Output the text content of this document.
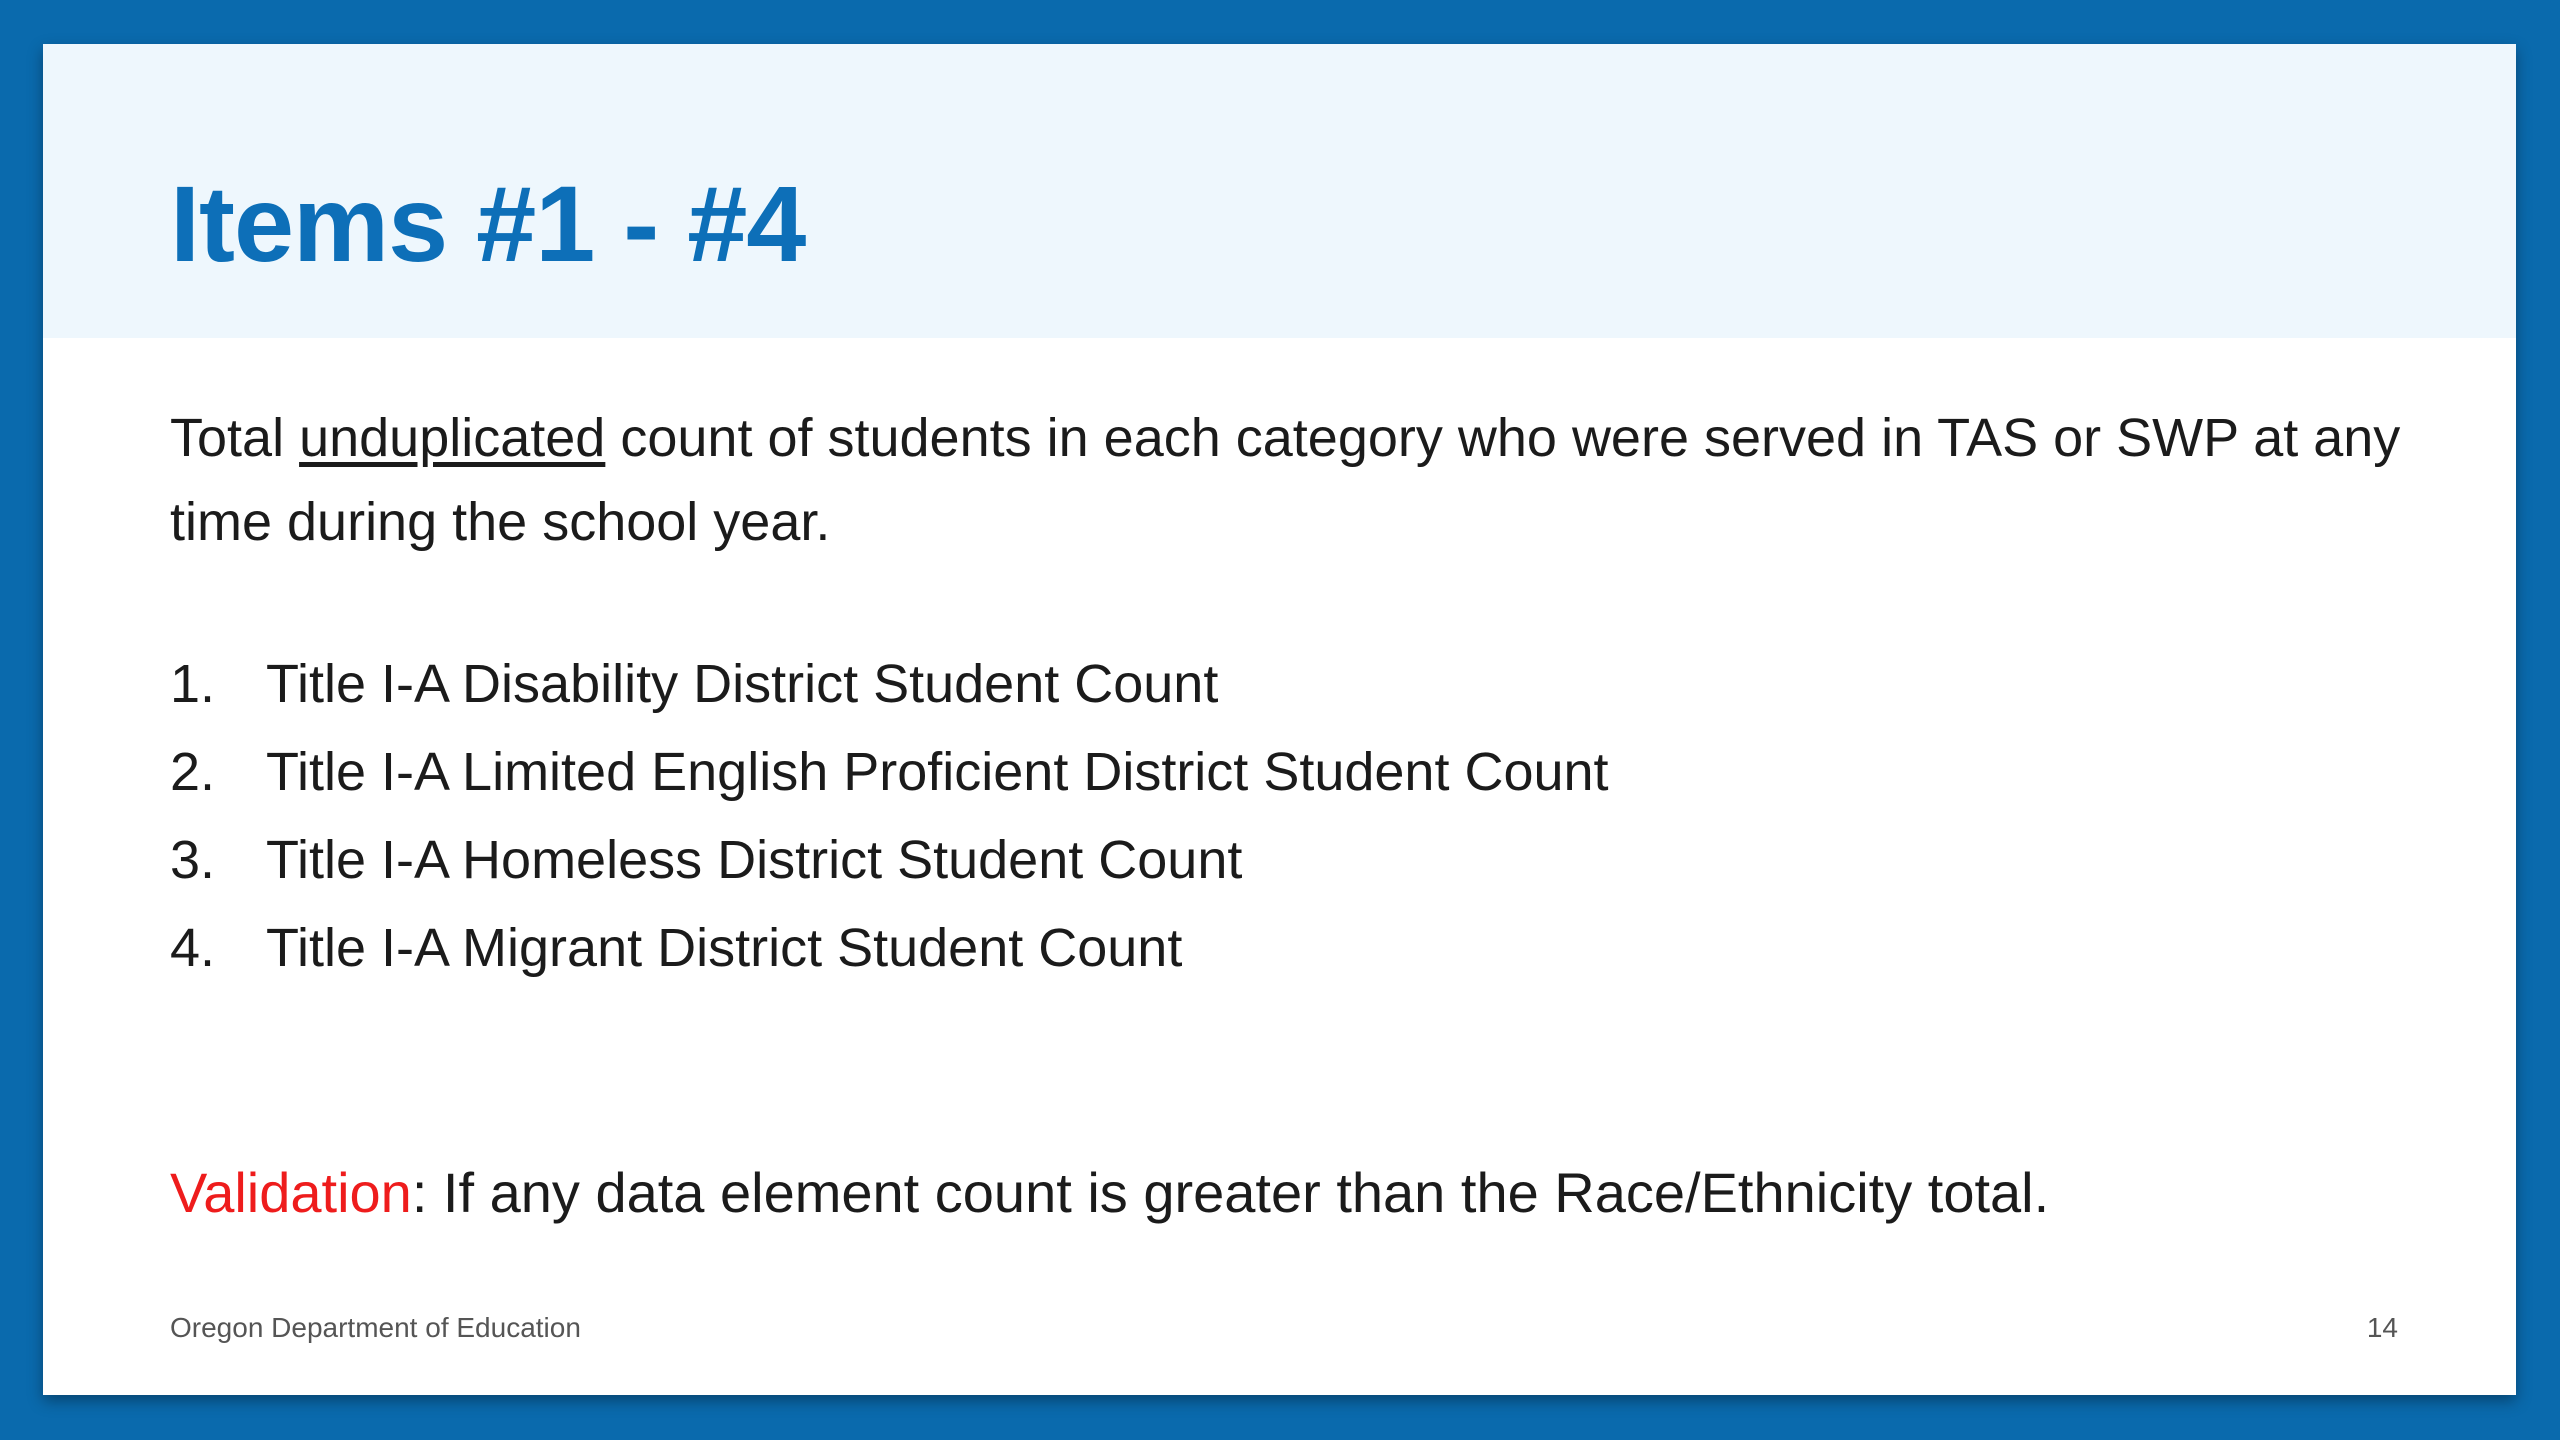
Items #1 - #4

Total unduplicated count of students in each category who were served in TAS or SWP at any time during the school year.

1. Title I-A Disability District Student Count
2. Title I-A Limited English Proficient District Student Count
3. Title I-A Homeless District Student Count
4. Title I-A Migrant District Student Count

Validation: If any data element count is greater than the Race/Ethnicity total.

Oregon Department of Education	14
